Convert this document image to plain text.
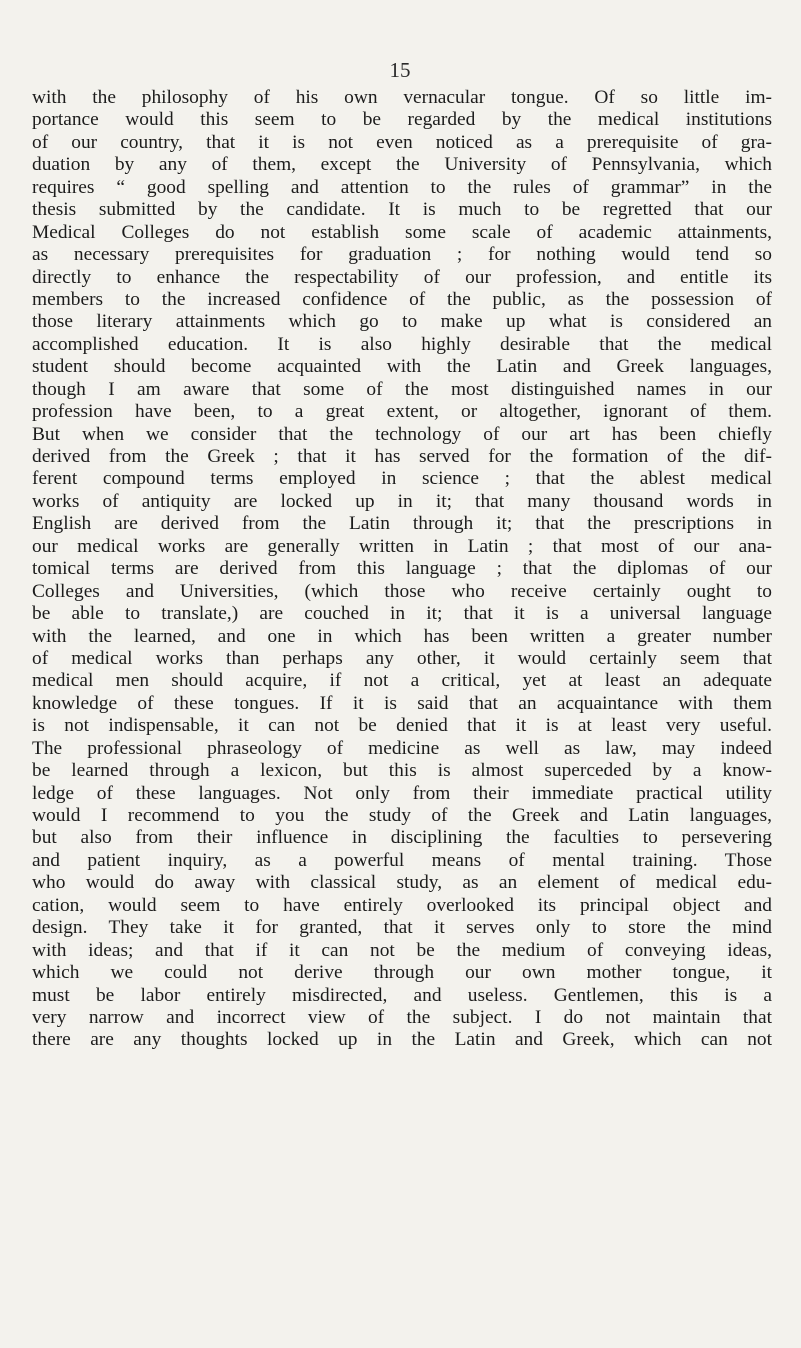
15
with the philosophy of his own vernacular tongue. Of so little im-
portance would this seem to be regarded by the medical institutions
of our country, that it is not even noticed as a prerequisite of gra-
duation by any of them, except the University of Pennsylvania, which
requires “ good spelling and attention to the rules of grammar” in the
thesis submitted by the candidate. It is much to be regretted that our
Medical Colleges do not establish some scale of academic attainments,
as necessary prerequisites for graduation ; for nothing would tend so
directly to enhance the respectability of our profession, and entitle its
members to the increased confidence of the public, as the possession of
those literary attainments which go to make up what is considered an
accomplished education. It is also highly desirable that the medical
student should become acquainted with the Latin and Greek languages,
though I am aware that some of the most distinguished names in our
profession have been, to a great extent, or altogether, ignorant of them.
But when we consider that the technology of our art has been chiefly
derived from the Greek ; that it has served for the formation of the dif-
ferent compound terms employed in science ; that the ablest medical
works of antiquity are locked up in it; that many thousand words in
English are derived from the Latin through it; that the prescriptions in
our medical works are generally written in Latin ; that most of our ana-
tomical terms are derived from this language ; that the diplomas of our
Colleges and Universities, (which those who receive certainly ought to
be able to translate,) are couched in it; that it is a universal language
with the learned, and one in which has been written a greater number
of medical works than perhaps any other, it would certainly seem that
medical men should acquire, if not a critical, yet at least an adequate
knowledge of these tongues. If it is said that an acquaintance with them
is not indispensable, it can not be denied that it is at least very useful.
The professional phraseology of medicine as well as law, may indeed
be learned through a lexicon, but this is almost superceded by a know-
ledge of these languages. Not only from their immediate practical utility
would I recommend to you the study of the Greek and Latin languages,
but also from their influence in disciplining the faculties to persevering
and patient inquiry, as a powerful means of mental training. Those
who would do away with classical study, as an element of medical edu-
cation, would seem to have entirely overlooked its principal object and
design. They take it for granted, that it serves only to store the mind
with ideas; and that if it can not be the medium of conveying ideas,
which we could not derive through our own mother tongue, it
must be labor entirely misdirected, and useless. Gentlemen, this is a
very narrow and incorrect view of the subject. I do not maintain that
there are any thoughts locked up in the Latin and Greek, which can not
